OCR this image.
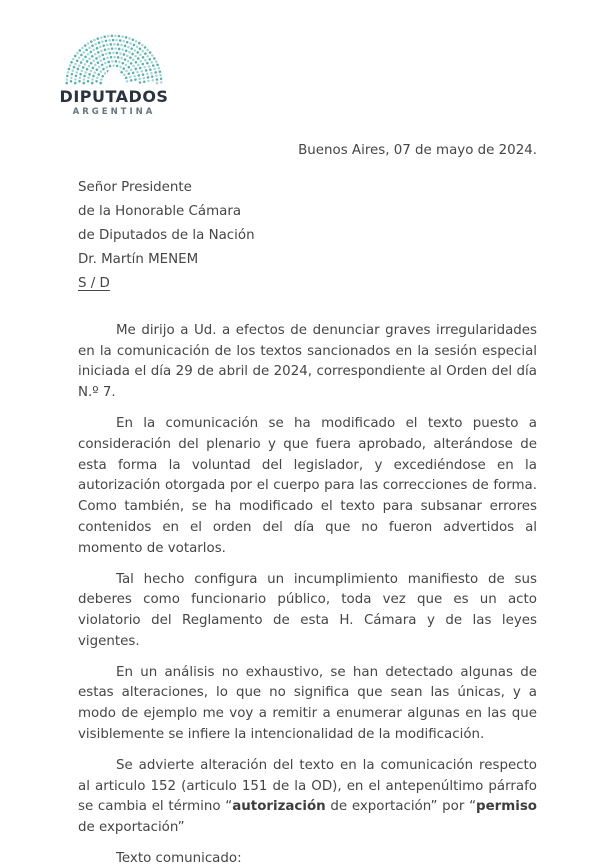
DIPUTADOS
ARGENTINA
Buenos Aires, 07 de mayo de 2024.
Señor Presidente
de la Honorable Cámara
de Diputados de la Nación
Dr. Martín MENEM
S / D

Me dirijo a Ud. a efectos de denunciar graves irregularidades en la comunicación de los textos sancionados en la sesión especial iniciada el día 29 de abril de 2024, correspondiente al Orden del día N.º 7.

En la comunicación se ha modificado el texto puesto a consideración del plenario y que fuera aprobado, alterándose de esta forma la voluntad del legislador, y excediéndose en la autorización otorgada por el cuerpo para las correcciones de forma. Como también, se ha modificado el texto para subsanar errores contenidos en el orden del día que no fueron advertidos al momento de votarlos.

Tal hecho configura un incumplimiento manifiesto de sus deberes como funcionario público, toda vez que es un acto violatorio del Reglamento de esta H. Cámara y de las leyes vigentes.

En un análisis no exhaustivo, se han detectado algunas de estas alteraciones, lo que no significa que sean las únicas, y a modo de ejemplo me voy a remitir a enumerar algunas en las que visiblemente se infiere la intencionalidad de la modificación.

Se advierte alteración del texto en la comunicación respecto al articulo 152 (articulo 151 de la OD), en el antepenúltimo párrafo se cambia el término “autorización de exportación” por “permiso de exportación”

Texto comunicado:
